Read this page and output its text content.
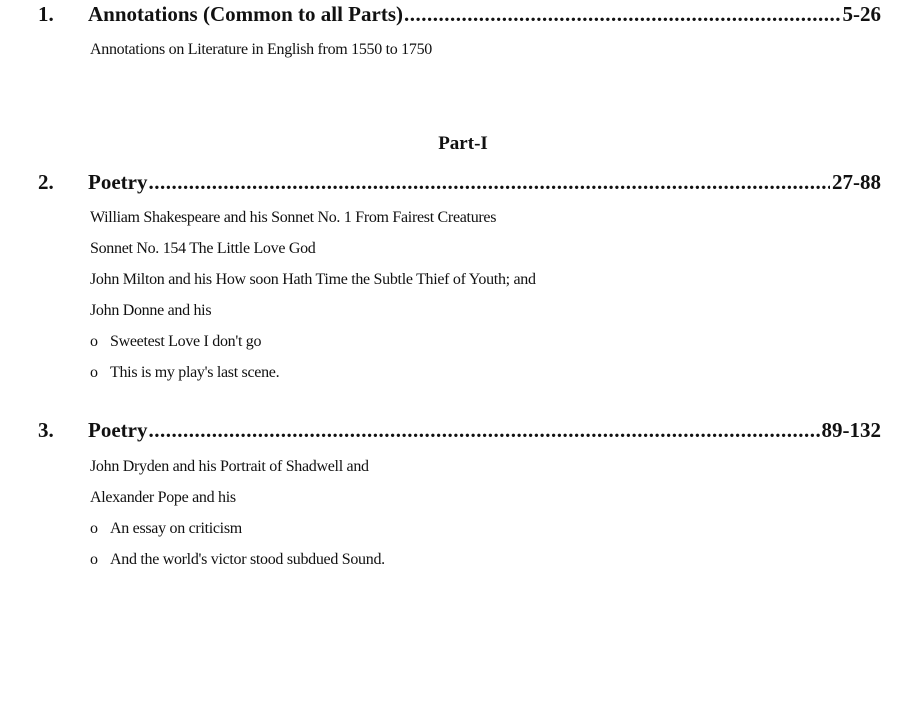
1.	Annotations (Common to all Parts) .....	5-26
Annotations on Literature in English from 1550 to 1750
Part-I
2.	Poetry .....	27-88
William Shakespeare and his Sonnet No. 1 From Fairest Creatures
Sonnet No. 154 The Little Love God
John Milton and his How soon Hath Time the Subtle Thief of Youth; and
John Donne and his
o Sweetest Love I don't go
o This is my play's last scene.
3.	Poetry .....	89-132
John Dryden and his Portrait of Shadwell and
Alexander Pope and his
o An essay on criticism
o And the world's victor stood subdued Sound.
